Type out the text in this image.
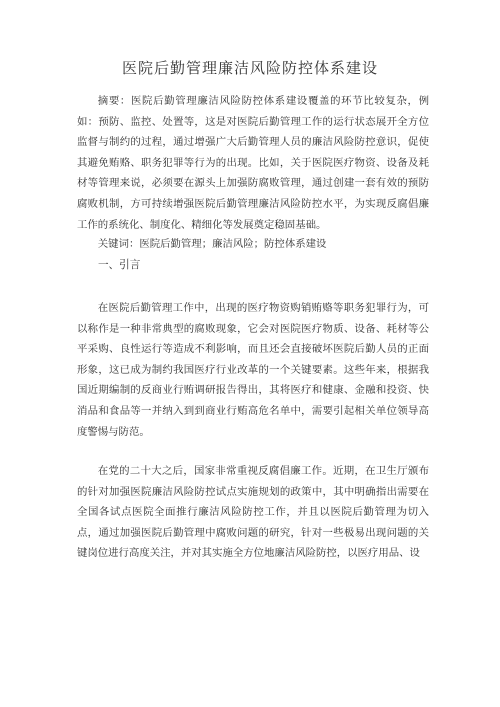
医院后勤管理廉洁风险防控体系建设
摘要：医院后勤管理廉洁风险防控体系建设覆盖的环节比较复杂，例如：预防、监控、处置等，这是对医院后勤管理工作的运行状态展开全方位监督与制约的过程，通过增强广大后勤管理人员的廉洁风险防控意识，促使其避免贿赂、职务犯罪等行为的出现。比如，关于医院医疗物资、设备及耗材等管理来说，必须要在源头上加强防腐败管理，通过创建一套有效的预防腐败机制，方可持续增强医院后勤管理廉洁风险防控水平，为实现反腐倡廉工作的系统化、制度化、精细化等发展奠定稳固基础。
关键词：医院后勤管理；廉洁风险；防控体系建设
一、引言
在医院后勤管理工作中，出现的医疗物资购销贿赂等职务犯罪行为，可以称作是一种非常典型的腐败现象，它会对医院医疗物质、设备、耗材等公平采购、良性运行等造成不利影响，而且还会直接破坏医院后勤人员的正面形象，这已成为制约我国医疗行业改革的一个关键要素。这些年来，根据我国近期编制的反商业行贿调研报告得出，其将医疗和健康、金融和投资、快消品和食品等一并纳入到到商业行贿高危名单中，需要引起相关单位领导高度警惕与防范。
在党的二十大之后，国家非常重视反腐倡廉工作。近期，在卫生厅颁布的针对加强医院廉洁风险防控试点实施规划的政策中，其中明确指出需要在全国各试点医院全面推行廉洁风险防控工作，并且以医院后勤管理为切入点，通过加强医院后勤管理中腐败问题的研究，针对一些极易出现问题的关键岗位进行高度关注，并对其实施全方位地廉洁风险防控，以医疗用品、设
